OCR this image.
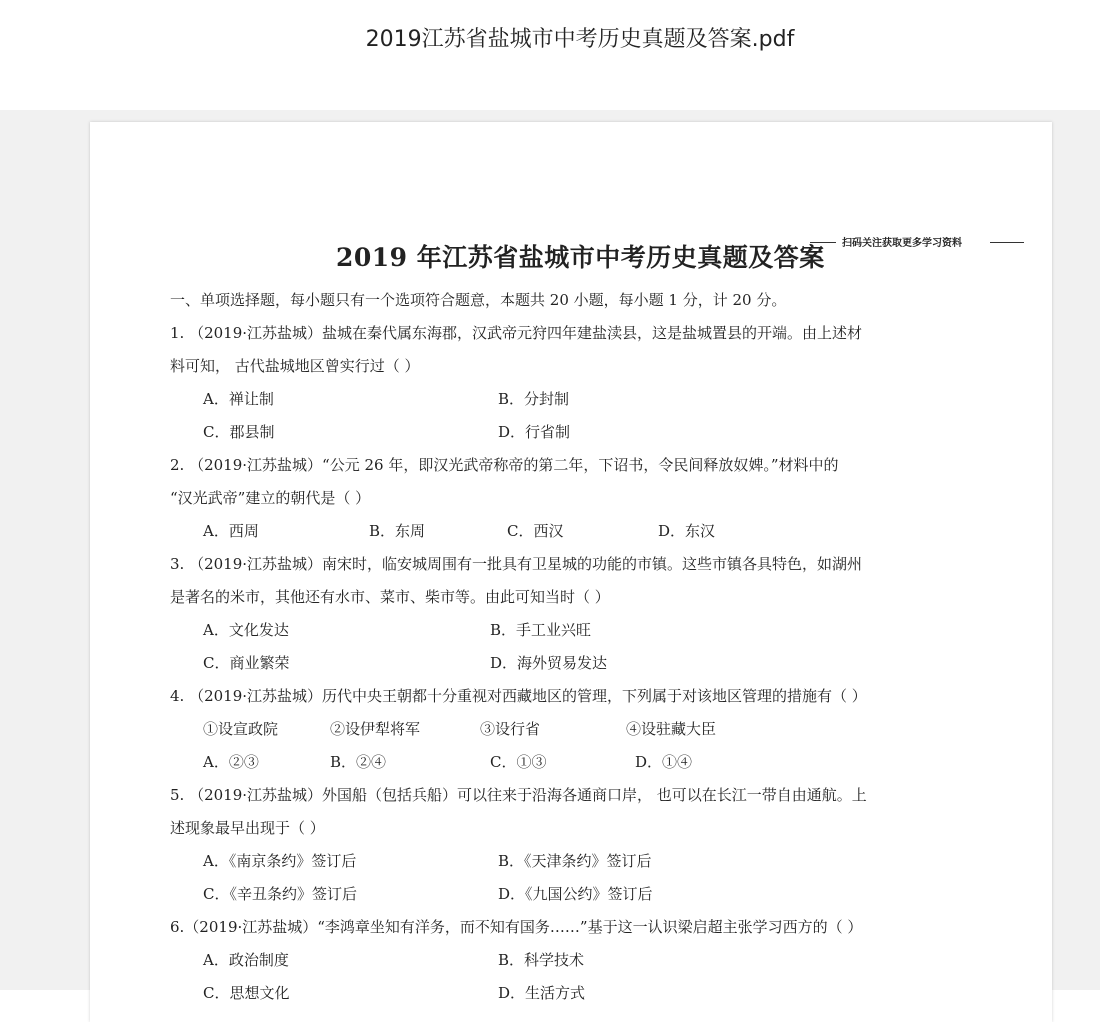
2019江苏省盐城市中考历史真题及答案.pdf
2019 年江苏省盐城市中考历史真题及答案 扫码关注获取更多学习资料
一、单项选择题，每小题只有一个选项符合题意，本题共 20 小题，每小题 1 分，计 20 分。
1. （2019·江苏盐城）盐城在秦代属东海郡，汉武帝元狩四年建盐渎县，这是盐城置县的开端。由上述材
料可知， 古代盐城地区曾实行过（ ）
A．禅让制	B．分封制
C．郡县制	D．行省制
2. （2019·江苏盐城）“公元 26 年，即汉光武帝称帝的第二年，下诏书，令民间释放奴婢。”材料中的
“汉光武帝”建立的朝代是（ ）
A．西周	B．东周	C．西汉	D．东汉
3. （2019·江苏盐城）南宋时，临安城周围有一批具有卫星城的功能的市镇。这些市镇各具特色，如湖州
是著名的米市，其他还有水市、菜市、柴市等。由此可知当时（ ）
A．文化发达	B．手工业兴旺
C．商业繁荣	D．海外贸易发达
4. （2019·江苏盐城）历代中央王朝都十分重视对西藏地区的管理，下列属于对该地区管理的措施有（ ）
①设宣政院	②设伊犁将军	③设行省	④设驻藏大臣
A．②③	B．②④	C．①③	D．①④
5. （2019·江苏盐城）外国船（包括兵船）可以往来于沿海各通商口岸， 也可以在长江一带自由通航。上
述现象最早出现于（ ）
A．《南京条约》签订后	B．《天津条约》签订后
C．《辛丑条约》签订后	D．《九国公约》签订后
6.（2019·江苏盐城）“李鸿章坐知有洋务，而不知有国务……”基于这一认识梁启超主张学习西方的（ ）
A．政治制度	B．科学技术
C．思想文化	D．生活方式
